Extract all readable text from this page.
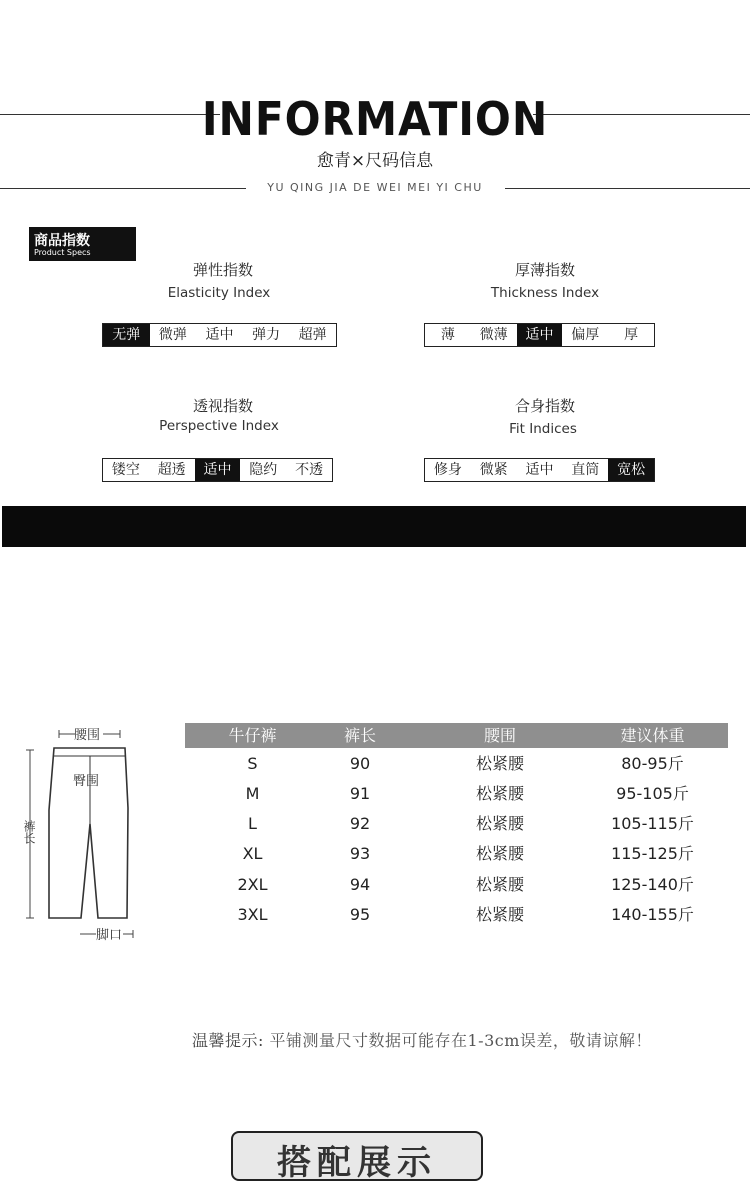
INFORMATION
愈青×尺码信息
YU QING JIA DE WEI MEI YI CHU
商品指数
Product Specs
弹性指数
Elasticity Index
无弹	微弹	适中	弹力	超弹
厚薄指数
Thickness Index
薄	微薄	适中	偏厚	厚
透视指数
Perspective Index
镂空	超透	适中	隐约	不透
合身指数
Fit Indices
修身	微紧	适中	直筒	宽松
腰围
臀围
裤长
脚口
牛仔裤	裤长	腰围	建议体重
S	90	松紧腰	80-95斤
M	91	松紧腰	95-105斤
L	92	松紧腰	105-115斤
XL	93	松紧腰	115-125斤
2XL	94	松紧腰	125-140斤
3XL	95	松紧腰	140-155斤
温馨提示: 平铺测量尺寸数据可能存在1-3cm误差，敬请谅解！
搭配展示
